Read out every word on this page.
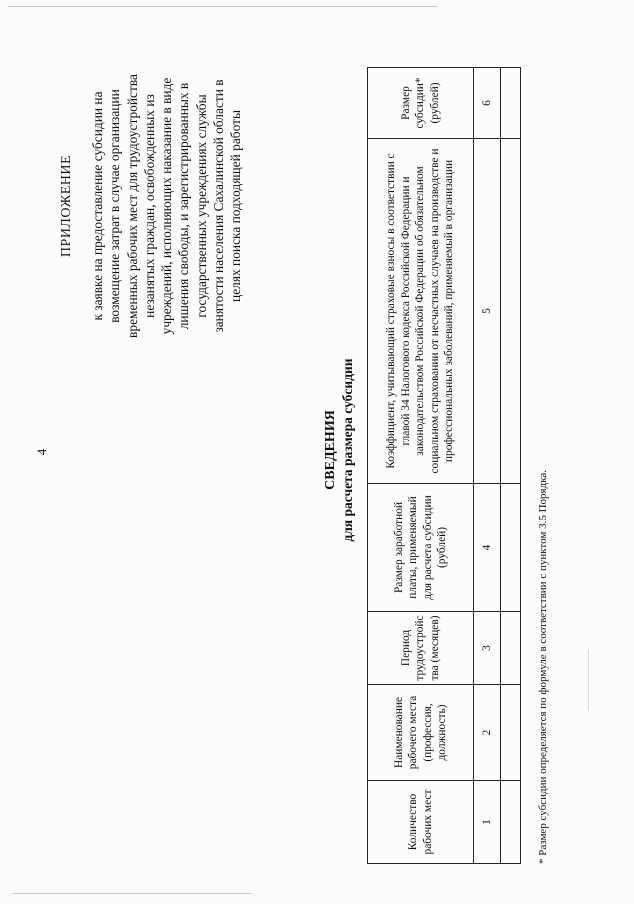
4
ПРИЛОЖЕНИЕ к заявке на предоставление субсидии на возмещение затрат в случае организации временных рабочих мест для трудоустройства незанятых граждан, освобожденных из учреждений, исполняющих наказание в виде лишения свободы, и зарегистрированных в государственных учреждениях службы занятости населения Сахалинской области в целях поиска подходящей работы
СВЕДЕНИЯ для расчета размера субсидии
Количество рабочих мест	Наименование рабочего места (профессия, должность)	Период трудоустройс тва (месяцев)	Размер заработной платы, применяемый для расчета субсидии (рублей)	Коэффициент, учитывающий страховые взносы в соответствии с главой 34 Налогового кодекса Российской Федерации и законодательством Российской Федерации об обязательном социальном страховании от несчастных случаев на производстве и профессиональных заболеваний, применяемый в организации	Размер субсидии* (рублей)
1	2	3	4	5	6

* Размер субсидии определяется по формуле в соответствии с пунктом 3.5 Порядка.
